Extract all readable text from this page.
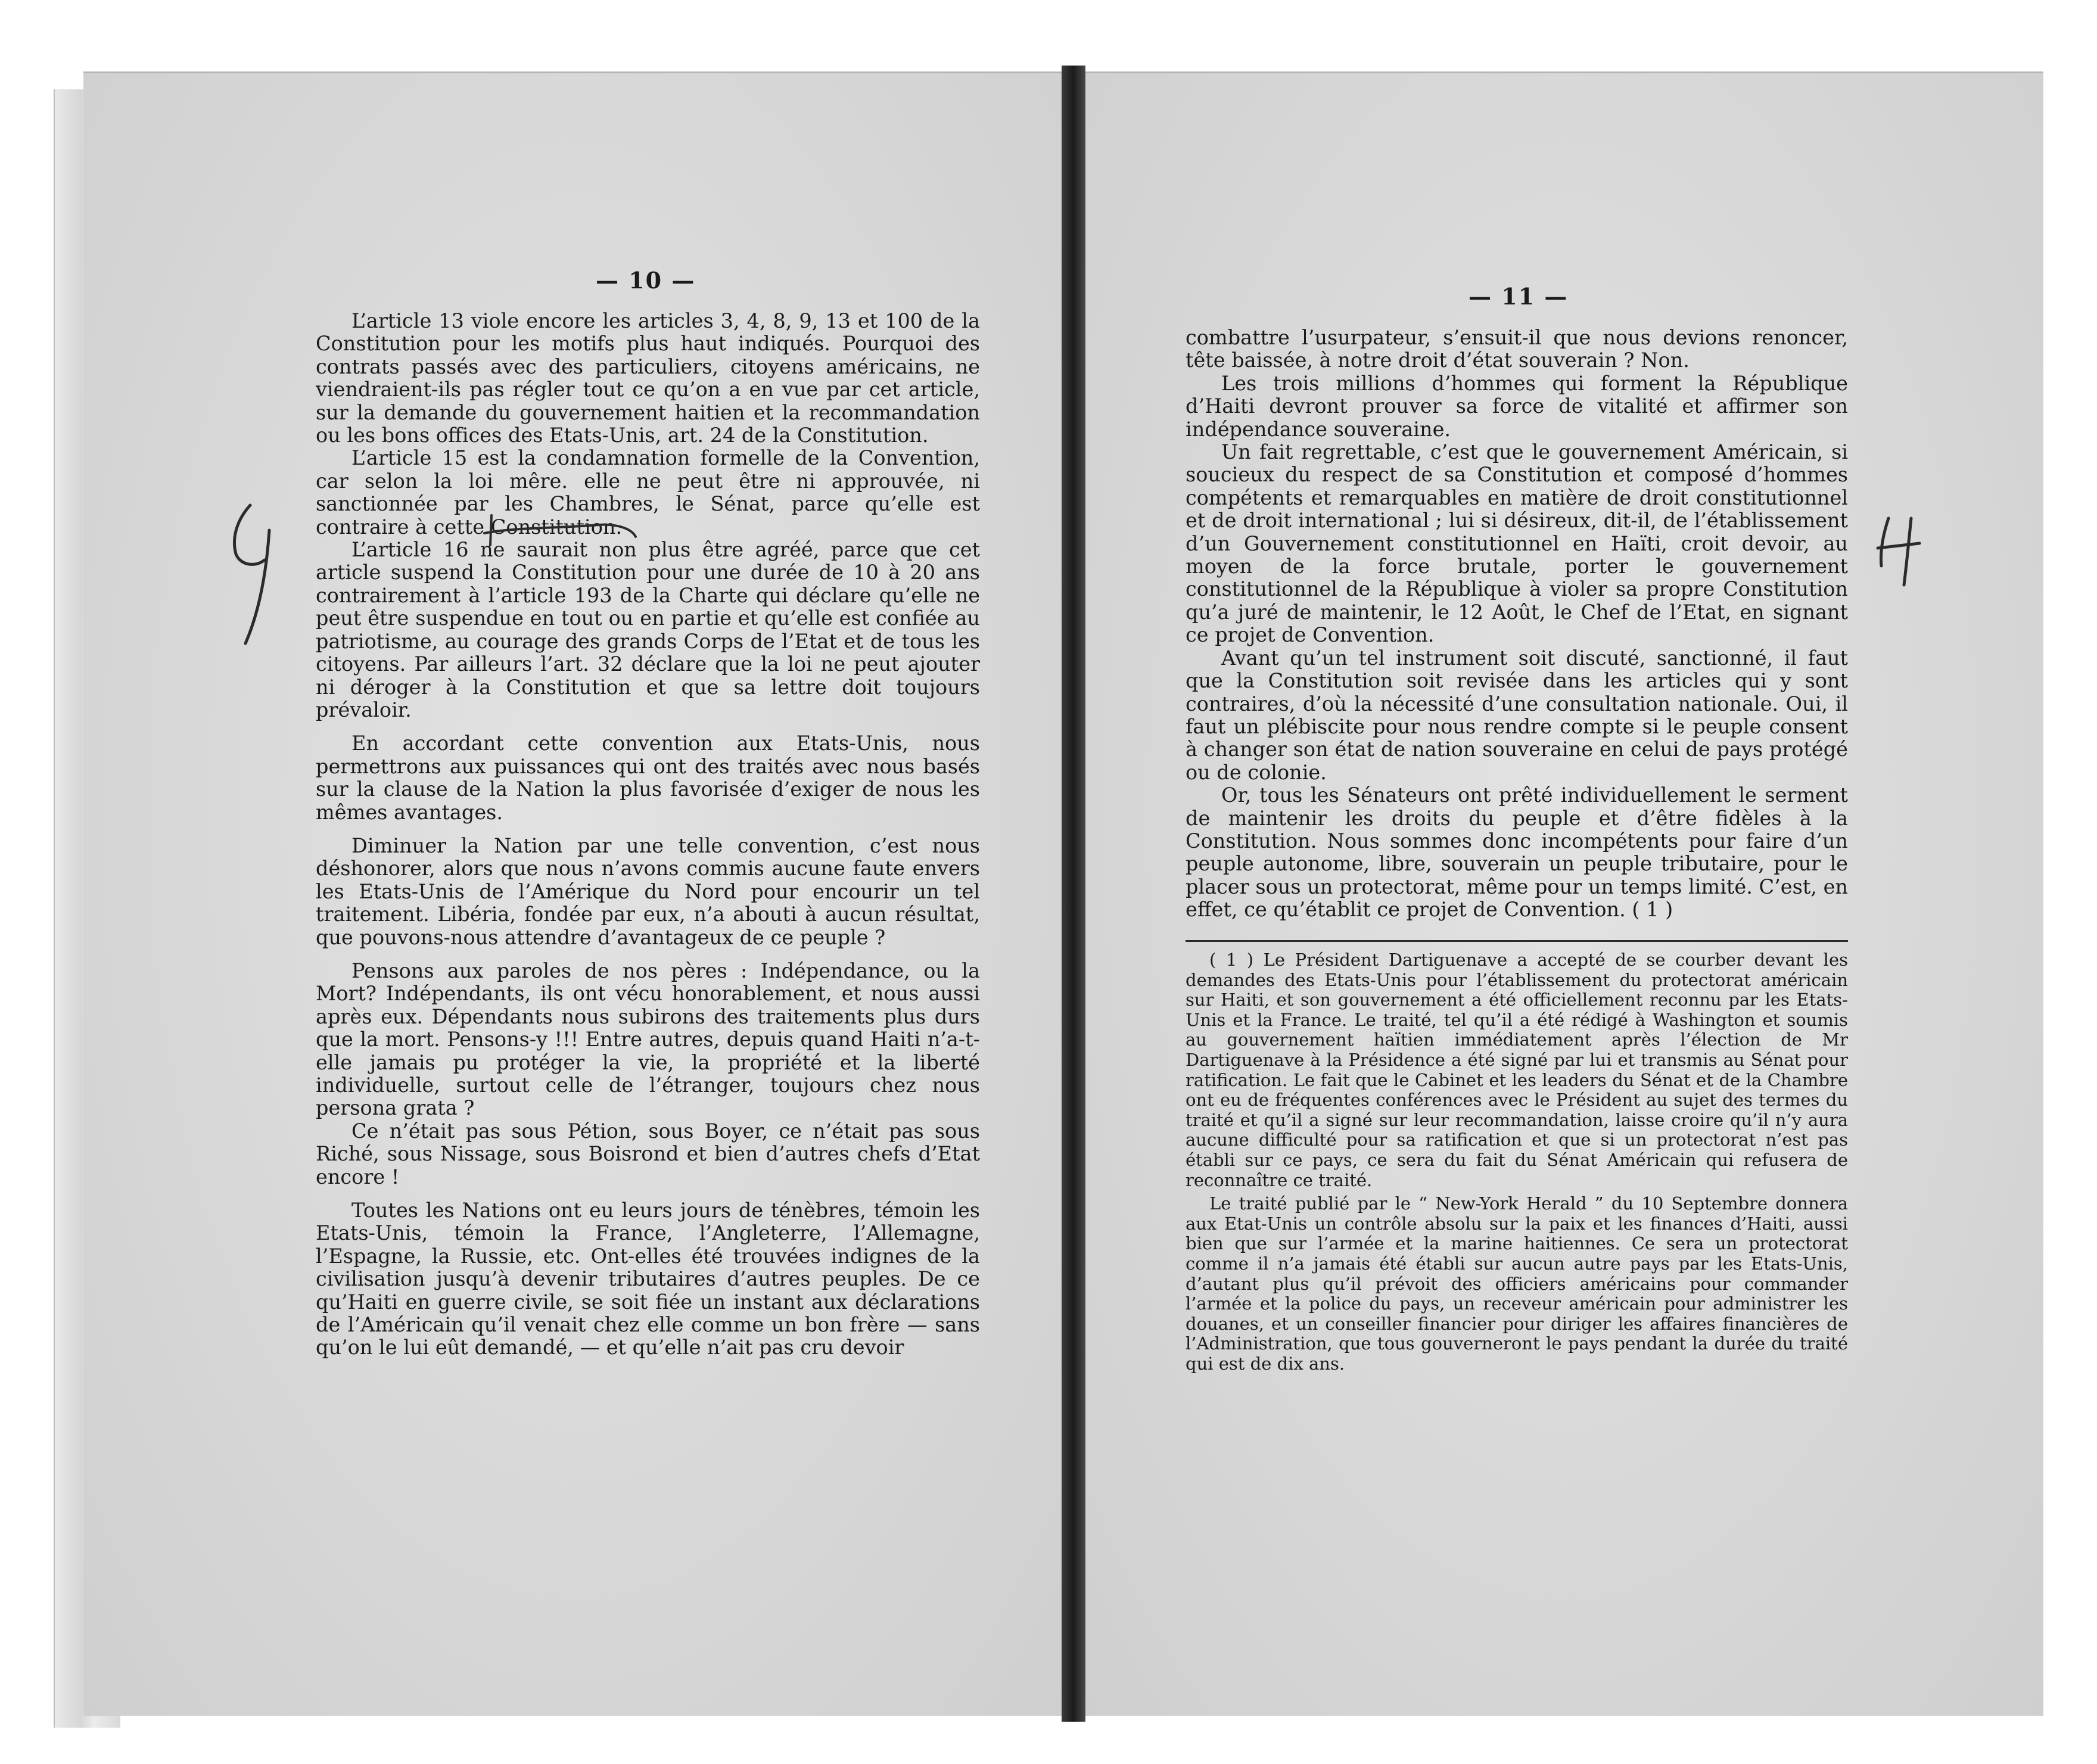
— 10 —

L’article 13 viole encore les articles 3, 4, 8, 9, 13 et 100 de la Constitution pour les motifs plus haut indiqués. Pourquoi des contrats passés avec des particuliers, citoyens américains, ne viendraient-ils pas régler tout ce qu’on a en vue par cet article, sur la demande du gouvernement haitien et la recommandation ou les bons offices des Etats-Unis, art. 24 de la Constitution.

L’article 15 est la condamnation formelle de la Convention, car selon la loi mêre. elle ne peut être ni approuvée, ni sanctionnée par les Chambres, le Sénat, parce qu’elle est contraire à cette Constitution.

L’article 16 ne saurait non plus être agréé, parce que cet article suspend la Constitution pour une durée de 10 à 20 ans contrairement à l’article 193 de la Charte qui déclare qu’elle ne peut être suspendue en tout ou en partie et qu’elle est confiée au patriotisme, au courage des grands Corps de l’Etat et de tous les citoyens. Par ailleurs l’art. 32 déclare que la loi ne peut ajouter ni déroger à la Constitution et que sa lettre doit toujours prévaloir.

En accordant cette convention aux Etats-Unis, nous permettrons aux puissances qui ont des traités avec nous basés sur la clause de la Nation la plus favorisée d’exiger de nous les mêmes avantages.

Diminuer la Nation par une telle convention, c’est nous déshonorer, alors que nous n’avons commis aucune faute envers les Etats-Unis de l’Amérique du Nord pour encourir un tel traitement. Libéria, fondée par eux, n’a abouti à aucun résultat, que pouvons-nous attendre d’avantageux de ce peuple ?

Pensons aux paroles de nos pères : Indépendance, ou la Mort? Indépendants, ils ont vécu honorablement, et nous aussi après eux. Dépendants nous subirons des traitements plus durs que la mort. Pensons-y !!! Entre autres, depuis quand Haiti n’a-t-elle jamais pu protéger la vie, la propriété et la liberté individuelle, surtout celle de l’étranger, toujours chez nous persona grata ?

Ce n’était pas sous Pétion, sous Boyer, ce n’était pas sous Riché, sous Nissage, sous Boisrond et bien d’autres chefs d’Etat encore !

Toutes les Nations ont eu leurs jours de ténèbres, témoin les Etats-Unis, témoin la France, l’Angleterre, l’Allemagne, l’Espagne, la Russie, etc. Ont-elles été trouvées indignes de la civilisation jusqu’à devenir tributaires d’autres peuples. De ce qu’Haiti en guerre civile, se soit fiée un instant aux déclarations de l’Américain qu’il venait chez elle comme un bon frère — sans qu’on le lui eût demandé, — et qu’elle n’ait pas cru devoir

— 11 —

combattre l’usurpateur, s’ensuit-il que nous devions renoncer, tête baissée, à notre droit d’état souverain ? Non.

Les trois millions d’hommes qui forment la République d’Haiti devront prouver sa force de vitalité et affirmer son indépendance souveraine.

Un fait regrettable, c’est que le gouvernement Américain, si soucieux du respect de sa Constitution et composé d’hommes compétents et remarquables en matière de droit constitutionnel et de droit international ; lui si désireux, dit-il, de l’établissement d’un Gouvernement constitutionnel en Haïti, croit devoir, au moyen de la force brutale, porter le gouvernement constitutionnel de la République à violer sa propre Constitution qu’a juré de maintenir, le 12 Août, le Chef de l’Etat, en signant ce projet de Convention.

Avant qu’un tel instrument soit discuté, sanctionné, il faut que la Constitution soit revisée dans les articles qui y sont contraires, d’où la nécessité d’une consultation nationale. Oui, il faut un plébiscite pour nous rendre compte si le peuple consent à changer son état de nation souveraine en celui de pays protégé ou de colonie.

Or, tous les Sénateurs ont prêté individuellement le serment de maintenir les droits du peuple et d’être fidèles à la Constitution. Nous sommes donc incompétents pour faire d’un peuple autonome, libre, souverain un peuple tributaire, pour le placer sous un protectorat, même pour un temps limité. C’est, en effet, ce qu’établit ce projet de Convention. ( 1 )

( 1 ) Le Président Dartiguenave a accepté de se courber devant les demandes des Etats-Unis pour l’établissement du protectorat américain sur Haiti, et son gouvernement a été officiellement reconnu par les Etats-Unis et la France. Le traité, tel qu’il a été rédigé à Washington et soumis au gouvernement haïtien immédiatement après l’élection de Mr Dartiguenave à la Présidence a été signé par lui et transmis au Sénat pour ratification. Le fait que le Cabinet et les leaders du Sénat et de la Chambre ont eu de fréquentes conférences avec le Président au sujet des termes du traité et qu’il a signé sur leur recommandation, laisse croire qu’il n’y aura aucune difficulté pour sa ratification et que si un protectorat n’est pas établi sur ce pays, ce sera du fait du Sénat Américain qui refusera de reconnaître ce traité.

Le traité publié par le “ New-York Herald ” du 10 Septembre donnera aux Etat-Unis un contrôle absolu sur la paix et les finances d’Haiti, aussi bien que sur l’armée et la marine haitiennes. Ce sera un protectorat comme il n’a jamais été établi sur aucun autre pays par les Etats-Unis, d’autant plus qu’il prévoit des officiers américains pour commander l’armée et la police du pays, un receveur américain pour administrer les douanes, et un conseiller financier pour diriger les affaires financières de l’Administration, que tous gouverneront le pays pendant la durée du traité qui est de dix ans.
